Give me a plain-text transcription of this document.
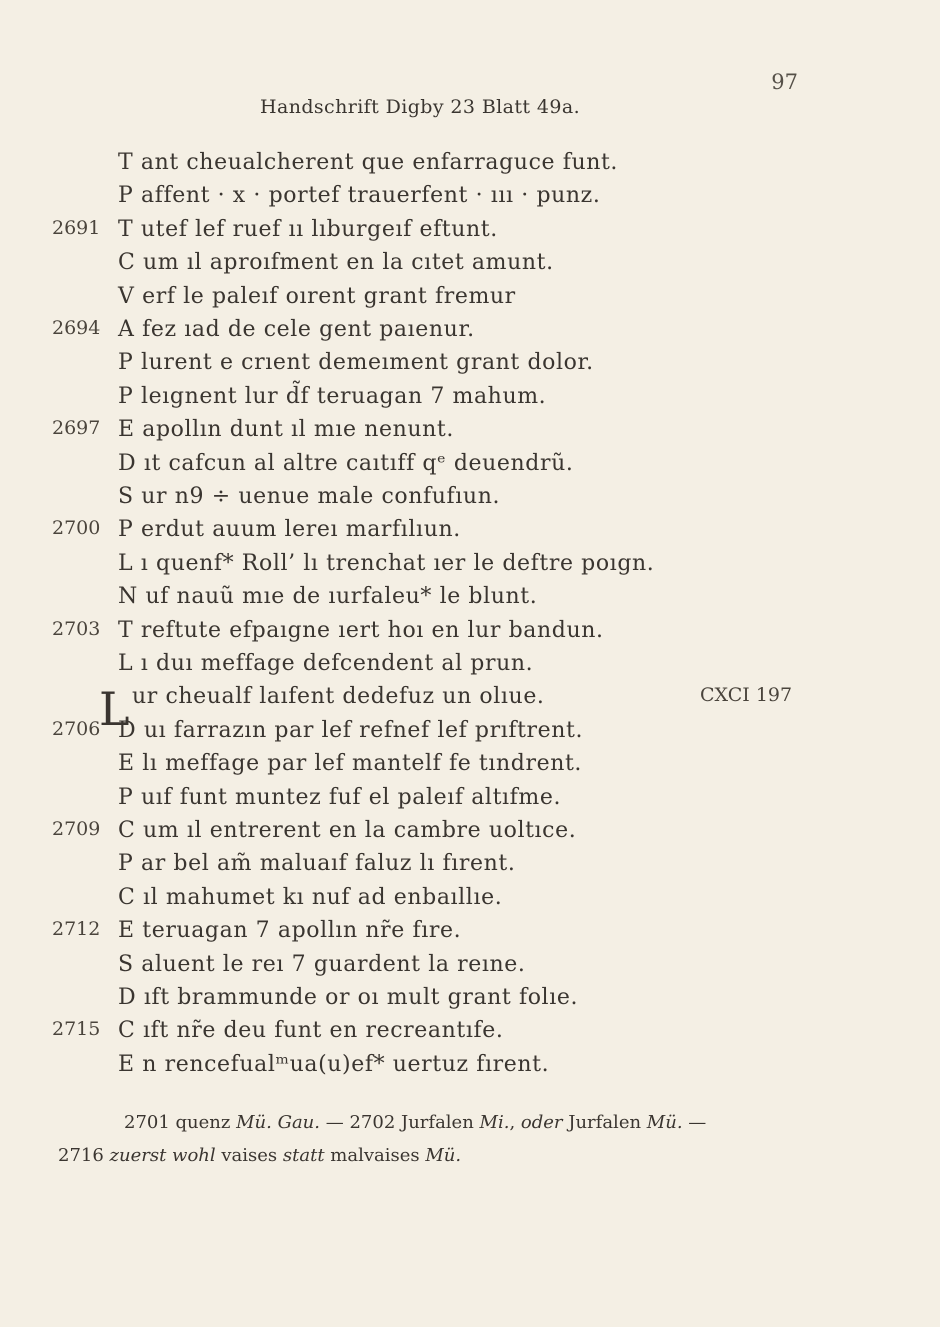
97
Handschrift Digby 23 Blatt 49a.
T ant cheualcherent que enfarraguce funt.
P affent · x · portef trauerfent · ııı · punz.
2691 T utef lef ruef ıı lıburgeıf eftunt.
C um ıl aproıfment en la cıtet amunt.
V erf le paleıf oırent grant fremur
2694 A fez ıad de cele gent paıenur.
P lurent e crıent demeıment grant dolor.
P leıgnent lur d̃f teruagan 7 mahum.
2697 E apollın dunt ıl mıe nenunt.
D ıt cafcun al altre caıtıff qᵉ deuendrũ.
S ur n9 ÷ uenue male confufıun.
2700 P erdut auum lereı marfılıun.
L ı quenf* Roll’ lı trenchat ıer le deftre poıgn.
N uf nauũ mıe de ıurfaleu* le blunt.
2703 T reftute efpaıgne ıert hoı en lur bandun.
L ı duı meffage defcendent al prun.
ur cheualf laıfent dedefuz un olıue.	CXCI 197
2706 D uı farrazın par lef refnef lef prıftrent.
E lı meffage par lef mantelf fe tındrent.
P uıf funt muntez fuf el paleıf altıfme.
2709 C um ıl entrerent en la cambre uoltıce.
P ar bel am̃ maluaıf faluz lı fırent.
C ıl mahumet kı nuf ad enbaıllıe.
2712 E teruagan 7 apollın nr̃e fıre.
S aluent le reı 7 guardent la reıne.
D ıft brammunde or oı mult grant folıe.
2715 C ıft nr̃e deu funt en recreantıfe.
E n rencefualᵐua(u)ef* uertuz fırent.
L
2701 quenz Mü. Gau. — 2702 Jurfalen Mi., oder Jurfalen Mü. —
2716 zuerst wohl vaises statt malvaises Mü.
